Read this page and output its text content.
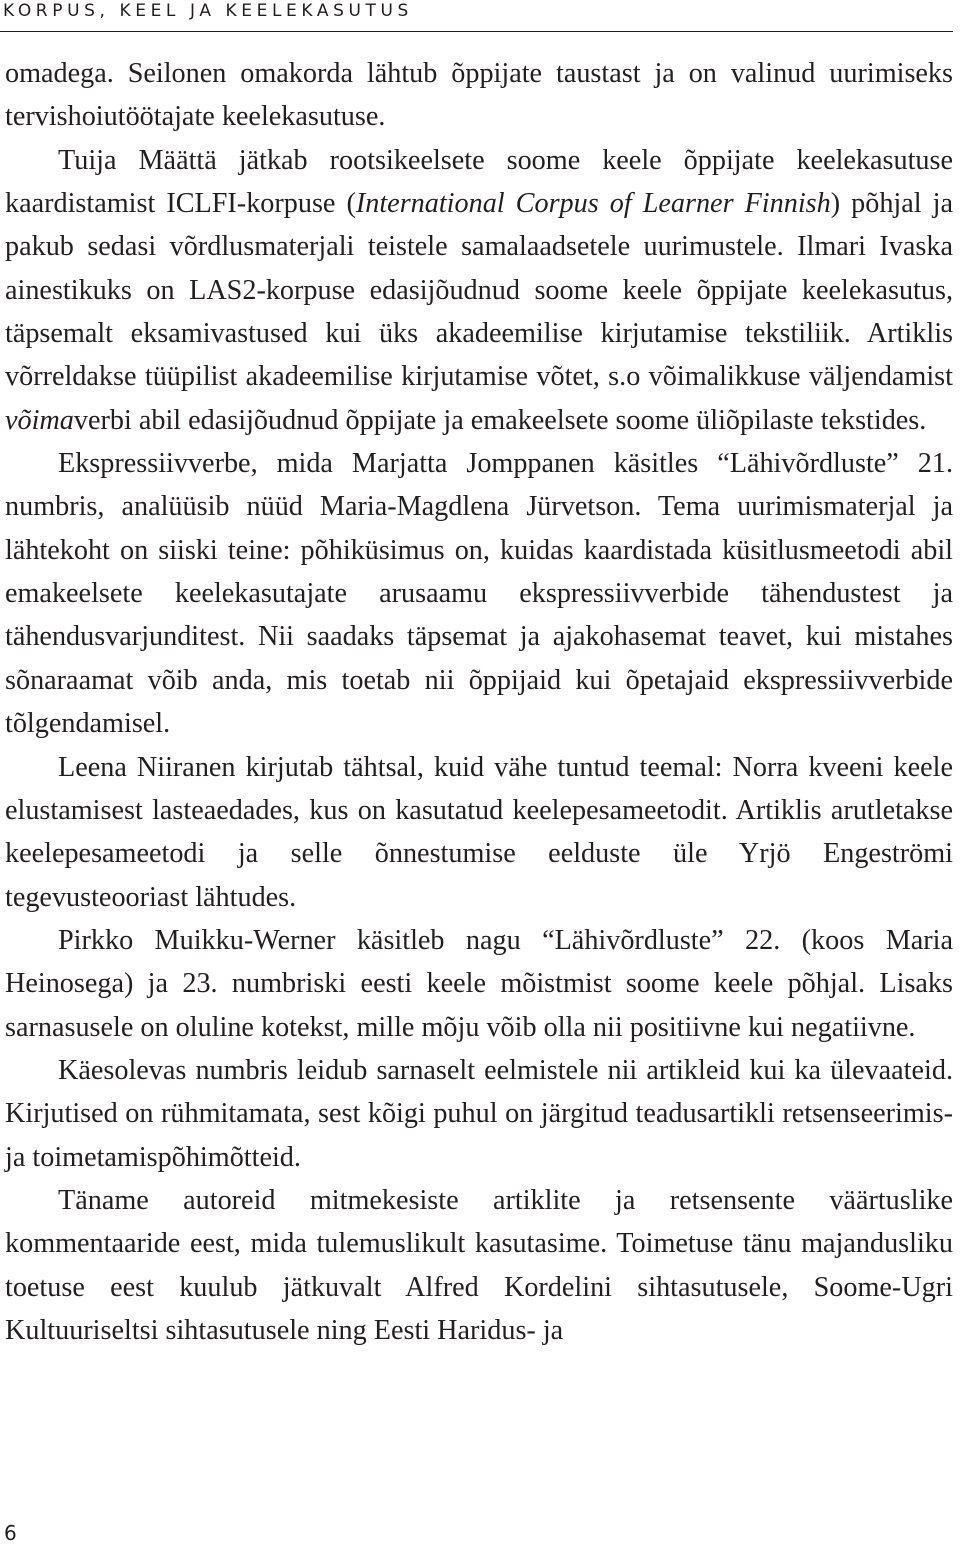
KORPUS, KEEL JA KEELEKASUTUS

omadega. Seilonen omakorda lähtub õppijate taustast ja on valinud uurimiseks tervishoiutöötajate keelekasutuse.

Tuija Määttä jätkab rootsikeelsete soome keele õppijate keelekasutuse kaardistamist ICLFI-korpuse (International Corpus of Learner Finnish) põhjal ja pakub sedasi võrdlusmaterjali teistele samalaadsetele uurimustele. Ilmari Ivaska ainestikuks on LAS2-korpuse edasijõudnud soome keele õppijate keelekasutus, täpsemalt eksamivastused kui üks akadeemilise kirjutamise tekstiliik. Artiklis võrreldakse tüüpilist akadeemilise kirjutamise võtet, s.o võimalikkuse väljendamist võimaverbi abil edasijõudnud õppijate ja emakeelsete soome üliõpilaste tekstides.

Ekspressiivverbe, mida Marjatta Jomppanen käsitles “Lähivõrdluste” 21. numbris, analüüsib nüüd Maria-Magdlena Jürvetson. Tema uurimismaterjal ja lähtekoht on siiski teine: põhiküsimus on, kuidas kaardistada küsitlusmeetodi abil emakeelsete keelekasutajate arusaamu ekspressiivverbide tähendustest ja tähendusvarjunditest. Nii saadaks täpsemat ja ajakohasemat teavet, kui mistahes sõnaraamat võib anda, mis toetab nii õppijaid kui õpetajaid ekspressiivverbide tõlgendamisel.

Leena Niiranen kirjutab tähtsal, kuid vähe tuntud teemal: Norra kveeni keele elustamisest lasteaedades, kus on kasutatud keelepesameetodit. Artiklis arutletakse keelepesameetodi ja selle õnnestumise eelduste üle Yrjö Engeströmi tegevusteooriast lähtudes.

Pirkko Muikku-Werner käsitleb nagu “Lähivõrdluste” 22. (koos Maria Heinosega) ja 23. numbriski eesti keele mõistmist soome keele põhjal. Lisaks sarnasusele on oluline kotekst, mille mõju võib olla nii positiivne kui negatiivne.

Käesolevas numbris leidub sarnaselt eelmistele nii artikleid kui ka ülevaateid. Kirjutised on rühmitamata, sest kõigi puhul on järgitud teadusartikli retsenseerimis- ja toimetamispõhimõtteid.

Täname autoreid mitmekesiste artiklite ja retsensente väärtuslike kommentaaride eest, mida tulemuslikult kasutasime. Toimetuse tänu majandusliku toetuse eest kuulub jätkuvalt Alfred Kordelini sihtasutusele, Soome-Ugri Kultuuriseltsi sihtasutusele ning Eesti Haridus- ja

6
